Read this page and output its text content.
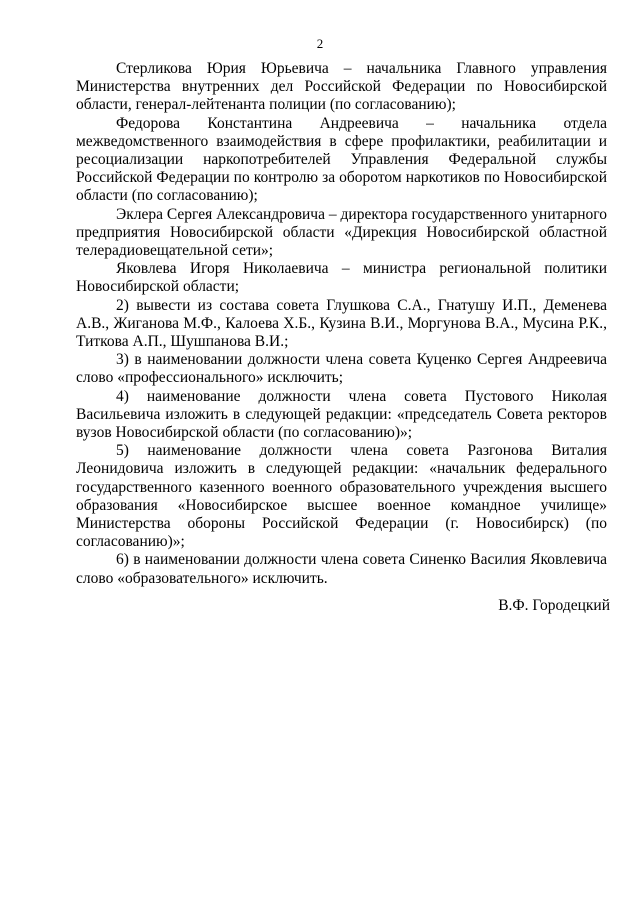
2

Стерликова Юрия Юрьевича – начальника Главного управления Министерства внутренних дел Российской Федерации по Новосибирской области, генерал-лейтенанта полиции (по согласованию);

Федорова Константина Андреевича – начальника отдела межведомственного взаимодействия в сфере профилактики, реабилитации и ресоциализации наркопотребителей Управления Федеральной службы Российской Федерации по контролю за оборотом наркотиков по Новосибирской области (по согласованию);

Эклера Сергея Александровича – директора государственного унитарного предприятия Новосибирской области «Дирекция Новосибирской областной телерадиовещательной сети»;

Яковлева Игоря Николаевича – министра региональной политики Новосибирской области;

2) вывести из состава совета Глушкова С.А., Гнатушу И.П., Деменева А.В., Жиганова М.Ф., Калоева Х.Б., Кузина В.И., Моргунова В.А., Мусина Р.К., Титкова А.П., Шушпанова В.И.;

3) в наименовании должности члена совета Куценко Сергея Андреевича слово «профессионального» исключить;

4) наименование должности члена совета Пустового Николая Васильевича изложить в следующей редакции: «председатель Совета ректоров вузов Новосибирской области (по согласованию)»;

5) наименование должности члена совета Разгонова Виталия Леонидовича изложить в следующей редакции: «начальник федерального государственного казенного военного образовательного учреждения высшего образования «Новосибирское высшее военное командное училище» Министерства обороны Российской Федерации (г. Новосибирск) (по согласованию)»;

6) в наименовании должности члена совета Синенко Василия Яковлевича слово «образовательного» исключить.

В.Ф. Городецкий
